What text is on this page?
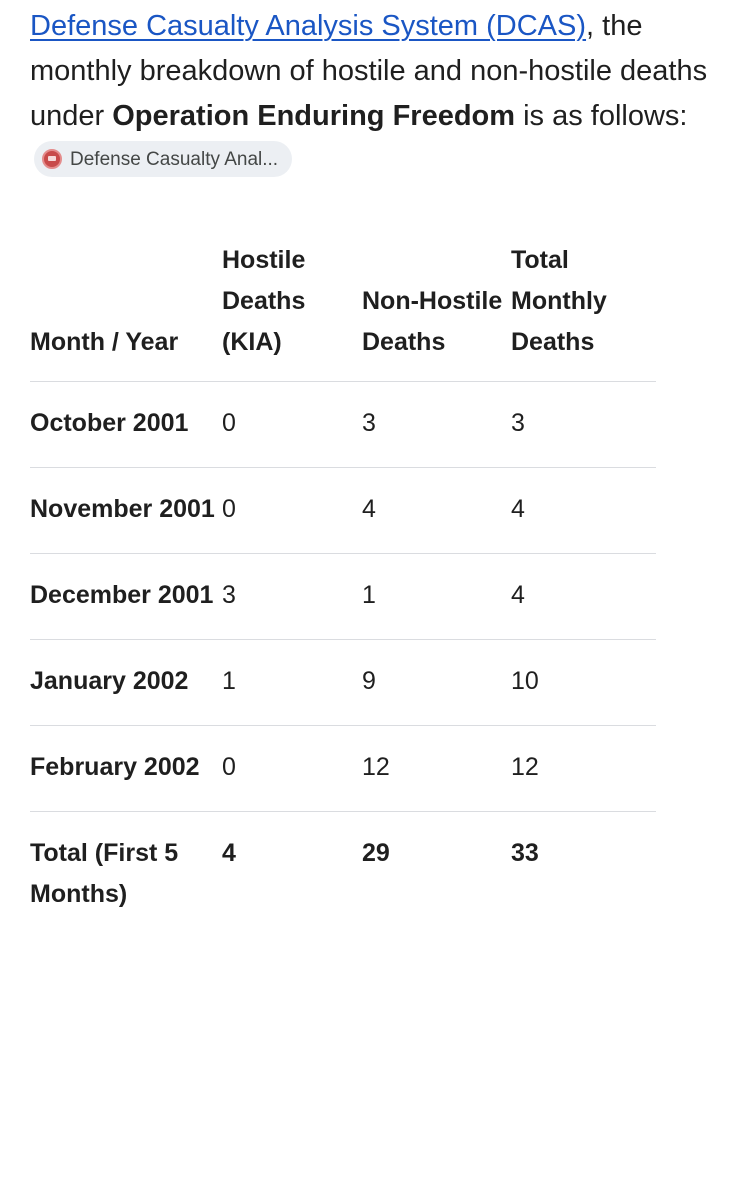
Defense Casualty Analysis System (DCAS), the monthly breakdown of hostile and non-hostile deaths under Operation Enduring Freedom is as follows:
Defense Casualty Anal...
Month / Year	Hostile Deaths (KIA)	Non-Hostile Deaths	Total Monthly Deaths
October 2001	0	3	3
November 2001	0	4	4
December 2001	3	1	4
January 2002	1	9	10
February 2002	0	12	12
Total (First 5 Months)	4	29	33
